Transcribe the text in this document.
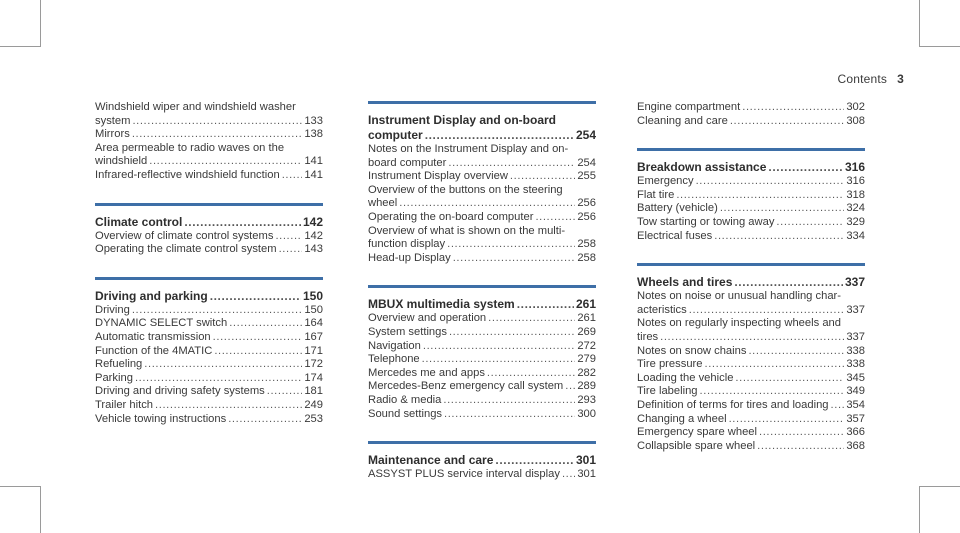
Contents 3
Windshield wiper and windshield washer
system .....	133
Mirrors .....	138
Area permeable to radio waves on the
windshield .....	141
Infrared-reflective windshield function ..... 141
Climate control .....	142
Overview of climate control systems .....	142
Operating the climate control system ..... 143
Driving and parking .....	150
Driving .....	150
DYNAMIC SELECT switch .....	164
Automatic transmission .....	167
Function of the 4MATIC .....	171
Refueling .....	172
Parking .....	174
Driving and driving safety systems .....	181
Trailer hitch .....	249
Vehicle towing instructions .....	253
Instrument Display and on-board
computer .....	254
Notes on the Instrument Display and on-
board computer .....	254
Instrument Display overview .....	255
Overview of the buttons on the steering
wheel .....	256
Operating the on-board computer .....	256
Overview of what is shown on the multi-
function display .....	258
Head-up Display .....	258
MBUX multimedia system .....	261
Overview and operation .....	261
System settings .....	269
Navigation .....	272
Telephone .....	279
Mercedes me and apps .....	282
Mercedes-Benz emergency call system ..... 289
Radio & media .....	293
Sound settings .....	300
Maintenance and care .....	301
ASSYST PLUS service interval display ..... 301
Engine compartment .....	302
Cleaning and care .....	308
Breakdown assistance .....	316
Emergency .....	316
Flat tire .....	318
Battery (vehicle) .....	324
Tow starting or towing away .....	329
Electrical fuses .....	334
Wheels and tires .....	337
Notes on noise or unusual handling char-
acteristics .....	337
Notes on regularly inspecting wheels and
tires .....	337
Notes on snow chains .....	338
Tire pressure .....	338
Loading the vehicle .....	345
Tire labeling .....	349
Definition of terms for tires and loading ..... 354
Changing a wheel .....	357
Emergency spare wheel .....	366
Collapsible spare wheel .....	368
